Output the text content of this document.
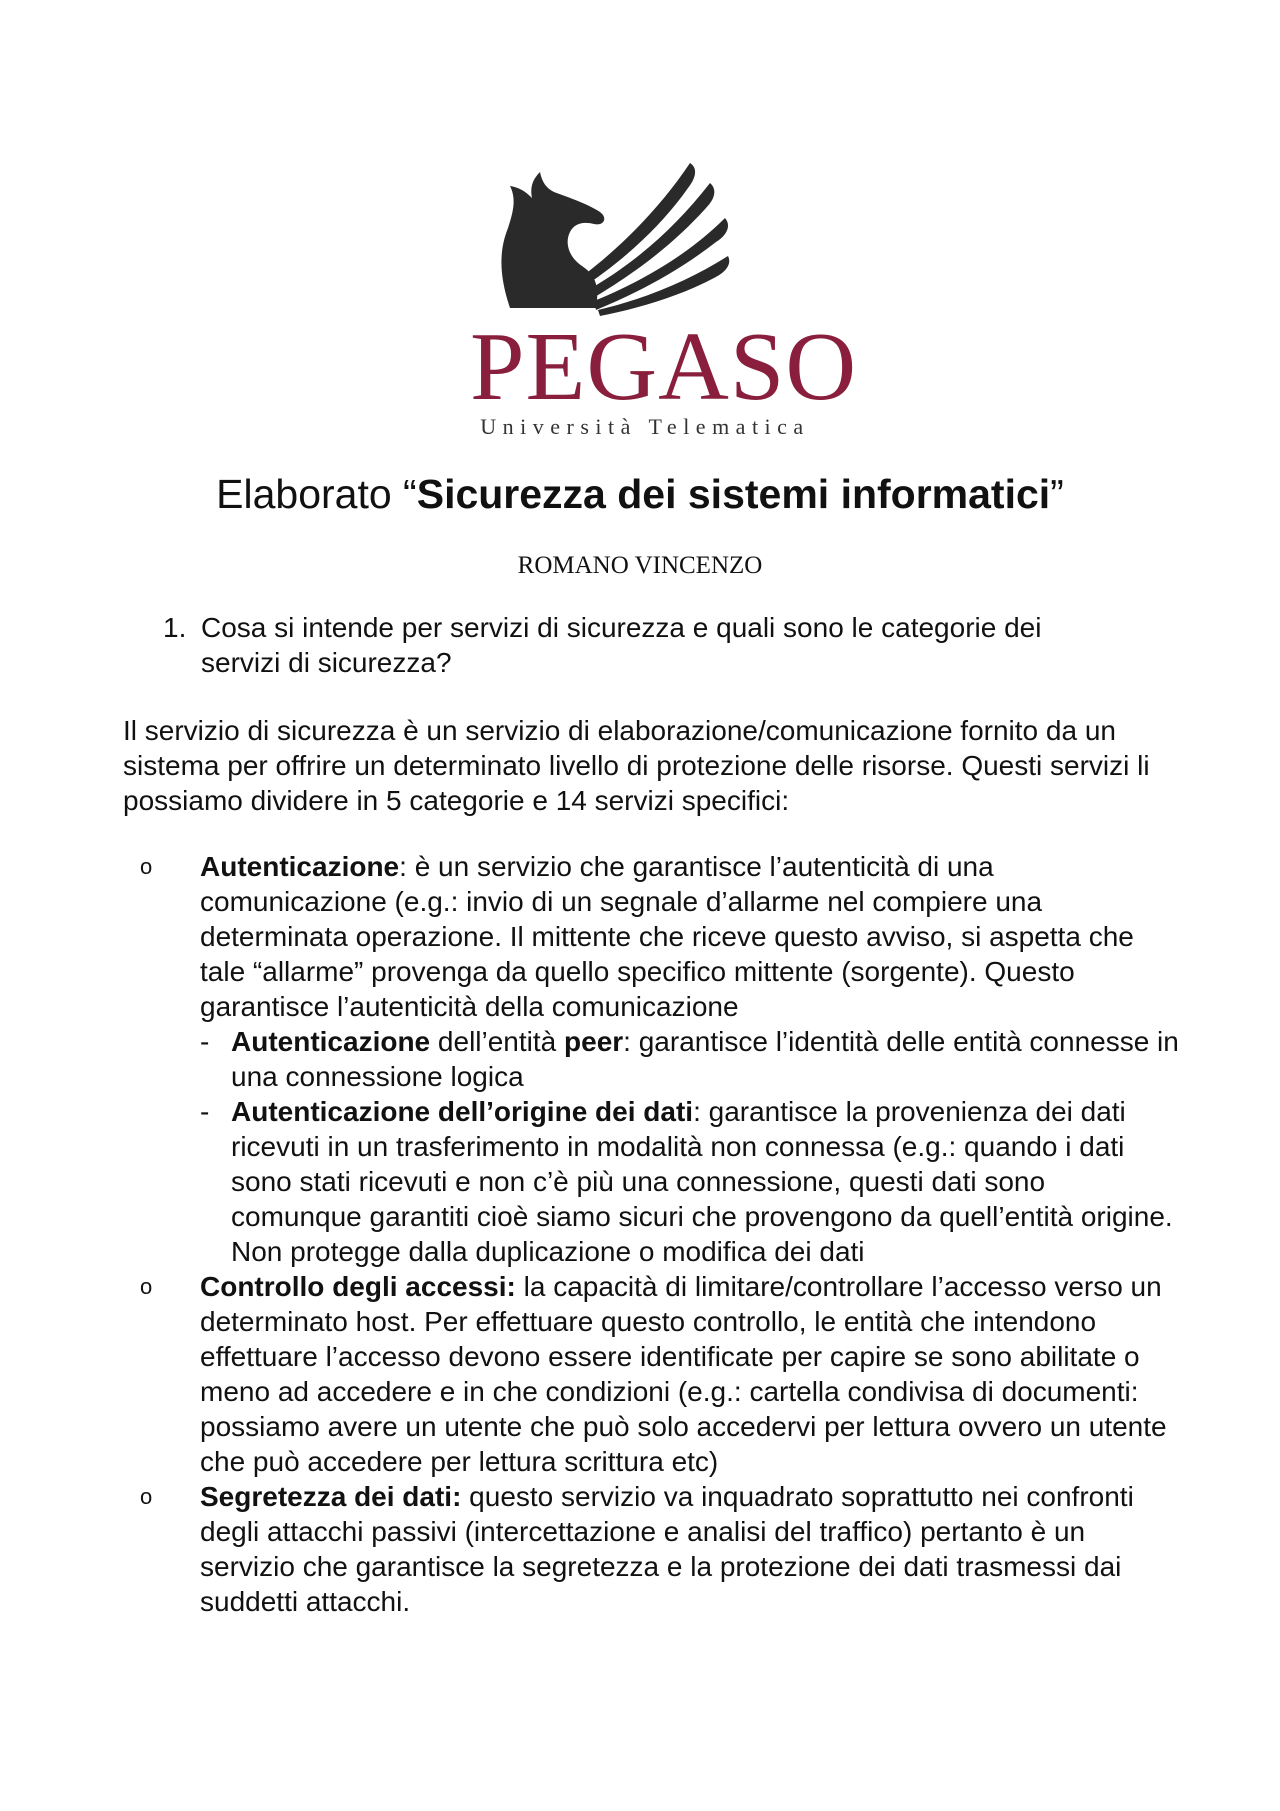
PEGASO
Università Telematica
Elaborato “Sicurezza dei sistemi informatici”
ROMANO VINCENZO
1. Cosa si intende per servizi di sicurezza e quali sono le categorie dei servizi di sicurezza?
Il servizio di sicurezza è un servizio di elaborazione/comunicazione fornito da un sistema per offrire un determinato livello di protezione delle risorse. Questi servizi li possiamo dividere in 5 categorie e 14 servizi specifici:
o Autenticazione: è un servizio che garantisce l’autenticità di una comunicazione (e.g.: invio di un segnale d’allarme nel compiere una determinata operazione. Il mittente che riceve questo avviso, si aspetta che tale “allarme” provenga da quello specifico mittente (sorgente). Questo garantisce l’autenticità della comunicazione
- Autenticazione dell’entità peer: garantisce l’identità delle entità connesse in una connessione logica
- Autenticazione dell’origine dei dati: garantisce la provenienza dei dati ricevuti in un trasferimento in modalità non connessa (e.g.: quando i dati sono stati ricevuti e non c’è più una connessione, questi dati sono comunque garantiti cioè siamo sicuri che provengono da quell’entità origine. Non protegge dalla duplicazione o modifica dei dati
o Controllo degli accessi: la capacità di limitare/controllare l’accesso verso un determinato host. Per effettuare questo controllo, le entità che intendono effettuare l’accesso devono essere identificate per capire se sono abilitate o meno ad accedere e in che condizioni (e.g.: cartella condivisa di documenti: possiamo avere un utente che può solo accedervi per lettura ovvero un utente che può accedere per lettura scrittura etc)
o Segretezza dei dati: questo servizio va inquadrato soprattutto nei confronti degli attacchi passivi (intercettazione e analisi del traffico) pertanto è un servizio che garantisce la segretezza e la protezione dei dati trasmessi dai suddetti attacchi.
